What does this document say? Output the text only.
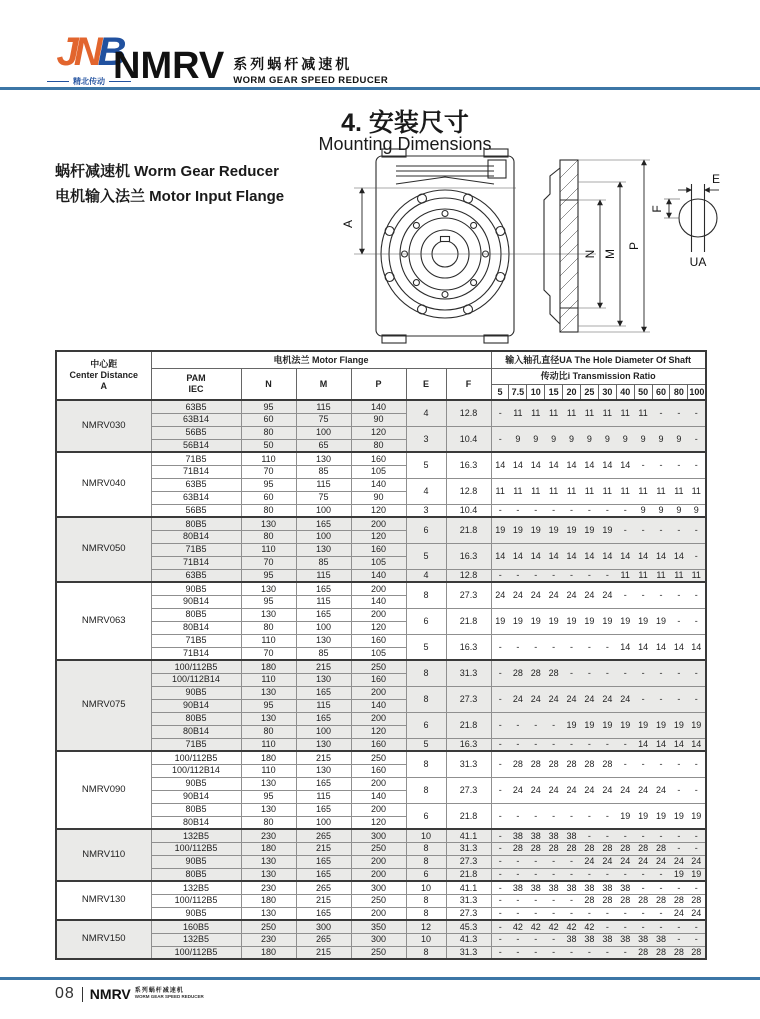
JNB
精北传动 NMRV 系列蜗杆减速机
WORM GEAR SPEED REDUCER
4. 安装尺寸
Mounting Dimensions
蜗杆减速机 Worm Gear Reducer
电机输入法兰 Motor Input Flange
A
N M
P
E
F
UA
中心距
Center Distance
A	电机法兰 Motor Flange						输入轴孔直径UA The Hole Diameter Of Shaft											

	PAM
IEC	N	M	P	E	F	传动比i Transmission Ratio											
							5	7.5	10	15	20	25	30	40	50	60	80	100
NMRV030	63B5	95	115	140	4	12.8	-	11	11	11	11	11	11	11	11	-	-	-
	63B14	60	75	90														
	56B5	80	100	120	3	10.4	-	9	9	9	9	9	9	9	9	9	9	-
	56B14	50	65	80														
NMRV040	71B5	110	130	160	5	16.3	14	14	14	14	14	14	14	14	-	-	-	-
	71B14	70	85	105														
	63B5	95	115	140	4	12.8	11	11	11	11	11	11	11	11	11	11	11	11
	63B14	60	75	90														
	56B5	80	100	120	3	10.4	-	-	-	-	-	-	-	-	9	9	9	9
NMRV050	80B5	130	165	200	6	21.8	19	19	19	19	19	19	19	-	-	-	-	-
	80B14	80	100	120														
	71B5	110	130	160	5	16.3	14	14	14	14	14	14	14	14	14	14	14	-
	71B14	70	85	105														
	63B5	95	115	140	4	12.8	-	-	-	-	-	-	-	11	11	11	11	11
NMRV063	90B5	130	165	200	8	27.3	24	24	24	24	24	24	24	-	-	-	-	-
	90B14	95	115	140														
	80B5	130	165	200	6	21.8	19	19	19	19	19	19	19	19	19	19	-	-
	80B14	80	100	120														
	71B5	110	130	160	5	16.3	-	-	-	-	-	-	-	14	14	14	14	14
	71B14	70	85	105														
NMRV075	100/112B5	180	215	250	8	31.3	-	28	28	28	-	-	-	-	-	-	-	-
	100/112B14	110	130	160														
	90B5	130	165	200	8	27.3	-	24	24	24	24	24	24	24	-	-	-	-
	90B14	95	115	140														
	80B5	130	165	200	6	21.8	-	-	-	-	19	19	19	19	19	19	19	19
	80B14	80	100	120														
	71B5	110	130	160	5	16.3	-	-	-	-	-	-	-	-	14	14	14	14
NMRV090	100/112B5	180	215	250	8	31.3	-	28	28	28	28	28	28	-	-	-	-	-
	100/112B14	110	130	160														
	90B5	130	165	200	8	27.3	-	24	24	24	24	24	24	24	24	24	-	-
	90B14	95	115	140														
	80B5	130	165	200	6	21.8	-	-	-	-	-	-	-	19	19	19	19	19
	80B14	80	100	120														
NMRV110	132B5	230	265	300	10	41.1	-	38	38	38	38	-	-	-	-	-	-	-
	100/112B5	180	215	250	8	31.3	-	28	28	28	28	28	28	28	28	28	-	-
	90B5	130	165	200	8	27.3	-	-	-	-	-	24	24	24	24	24	24	24
	80B5	130	165	200	6	21.8	-	-	-	-	-	-	-	-	-	-	19	19
NMRV130	132B5	230	265	300	10	41.1	-	38	38	38	38	38	38	38	-	-	-	-
	100/112B5	180	215	250	8	31.3	-	-	-	-	-	28	28	28	28	28	28	28
	90B5	130	165	200	8	27.3	-	-	-	-	-	-	-	-	-	-	24	24
NMRV150	160B5	250	300	350	12	45.3	-	42	42	42	42	42	-	-	-	-	-	-
	132B5	230	265	300	10	41.3	-	-	-	-	38	38	38	38	38	38	-	-
	100/112B5	180	215	250	8	31.3	-	-	-	-	-	-	-	-	28	28	28	28
08 NMRV 系列蜗杆减速机
WORM GEAR SPEED REDUCER
